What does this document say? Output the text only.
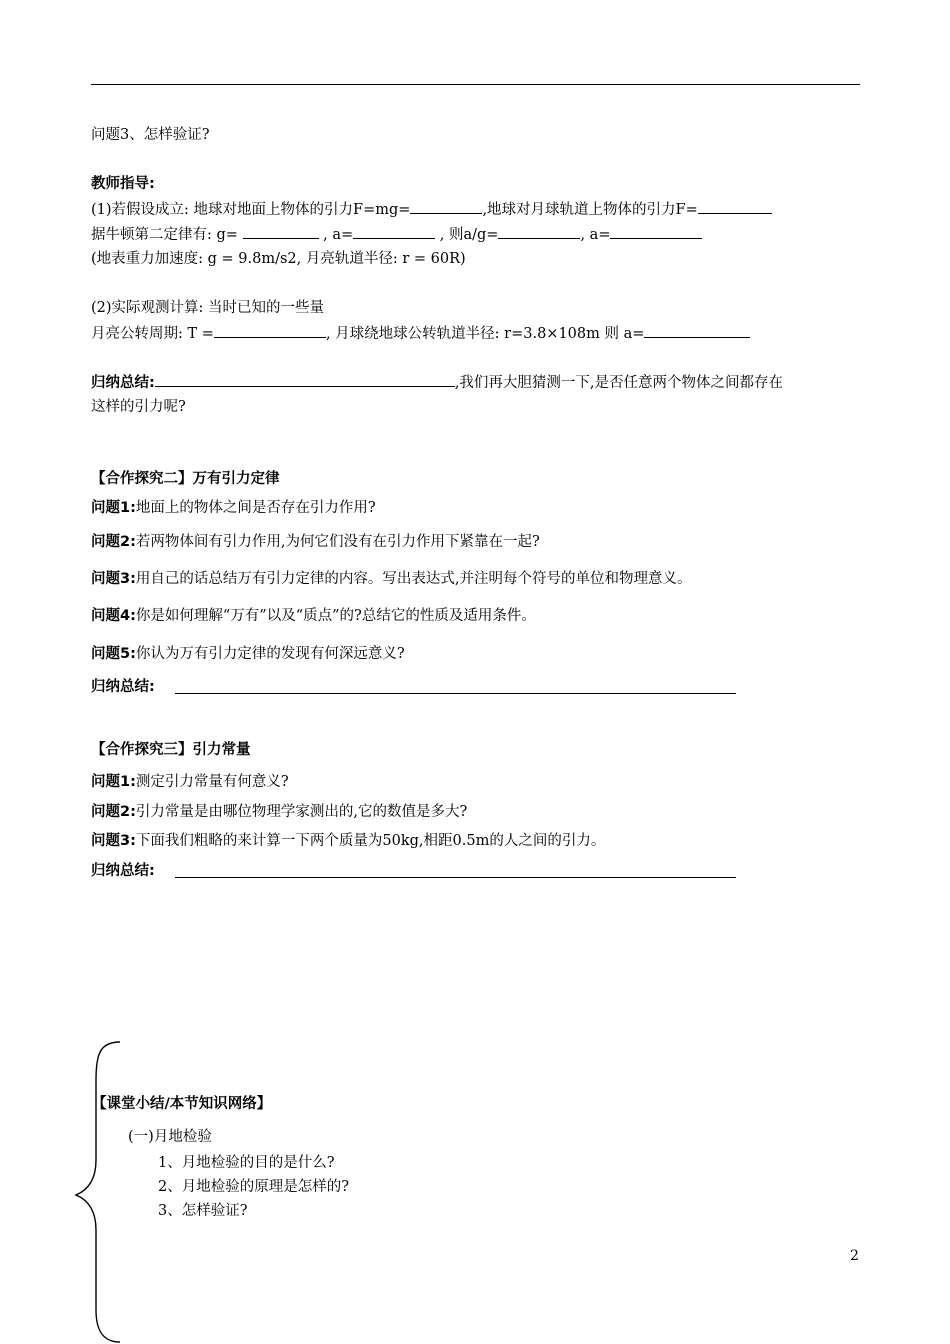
问题3、怎样验证?
教师指导:
(1)若假设成立: 地球对地面上物体的引力F=mg=	,地球对月球轨道上物体的引力F=
据牛顿第二定律有: g=	, a=	, 则a/g=	, a=
(地表重力加速度: g = 9.8m/s2, 月亮轨道半径: r = 60R)
(2)实际观测计算: 当时已知的一些量
月亮公转周期: T =	, 月球绕地球公转轨道半径: r=3.8×108m 则 a=
归纳总结:	,我们再大胆猜测一下,是否任意两个物体之间都存在
这样的引力呢?
【合作探究二】万有引力定律
问题1:地面上的物体之间是否存在引力作用?
问题2:若两物体间有引力作用,为何它们没有在引力作用下紧靠在一起?
问题3:用自己的话总结万有引力定律的内容。写出表达式,并注明每个符号的单位和物理意义。
问题4:你是如何理解“万有”以及“质点”的?总结它的性质及适用条件。
问题5:你认为万有引力定律的发现有何深远意义?
归纳总结:
【合作探究三】引力常量
问题1:测定引力常量有何意义?
问题2:引力常量是由哪位物理学家测出的,它的数值是多大?
问题3:下面我们粗略的来计算一下两个质量为50kg,相距0.5m的人之间的引力。
归纳总结:
【课堂小结/本节知识网络】
(一)月地检验
1、月地检验的目的是什么?
2、月地检验的原理是怎样的?
3、怎样验证?
2
